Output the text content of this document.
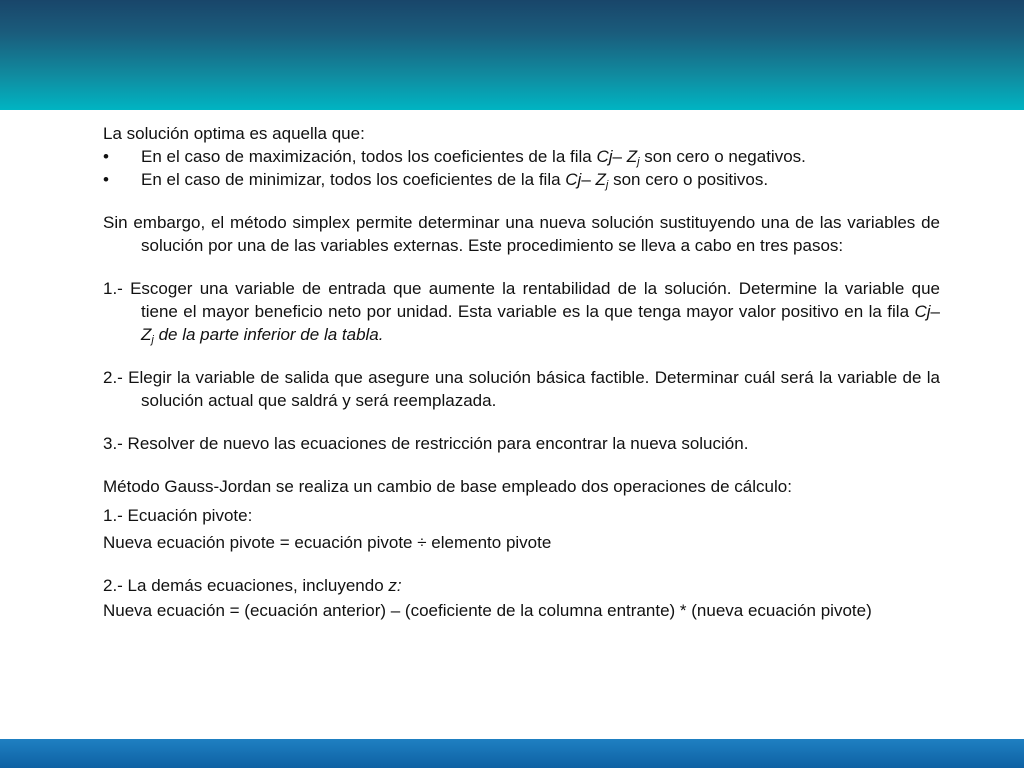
La solución optima es aquella que:

• En el caso de maximización, todos los coeficientes de la fila Cj– $Z_j$ son cero o negativos.
• En el caso de minimizar, todos los coeficientes de la fila Cj– $Z_j$ son cero o positivos.

Sin embargo, el método simplex permite determinar una nueva solución sustituyendo una de las variables de solución por una de las variables externas. Este procedimiento se lleva a cabo en tres pasos:

1.- Escoger una variable de entrada que aumente la rentabilidad de la solución. Determine la variable que tiene el mayor beneficio neto por unidad. Esta variable es la que tenga mayor valor positivo en la fila Cj– $Z_j$ de la parte inferior de la tabla.

2.- Elegir la variable de salida que asegure una solución básica factible. Determinar cuál será la variable de la solución actual que saldrá y será reemplazada.

3.- Resolver de nuevo las ecuaciones de restricción para encontrar la nueva solución.

Método Gauss-Jordan se realiza un cambio de base empleado dos operaciones de cálculo:

1.- Ecuación pivote:

Nueva ecuación pivote = ecuación pivote ÷ elemento pivote

2.- La demás ecuaciones, incluyendo z:

Nueva ecuación = (ecuación anterior) – (coeficiente de la columna entrante) * (nueva ecuación pivote)
